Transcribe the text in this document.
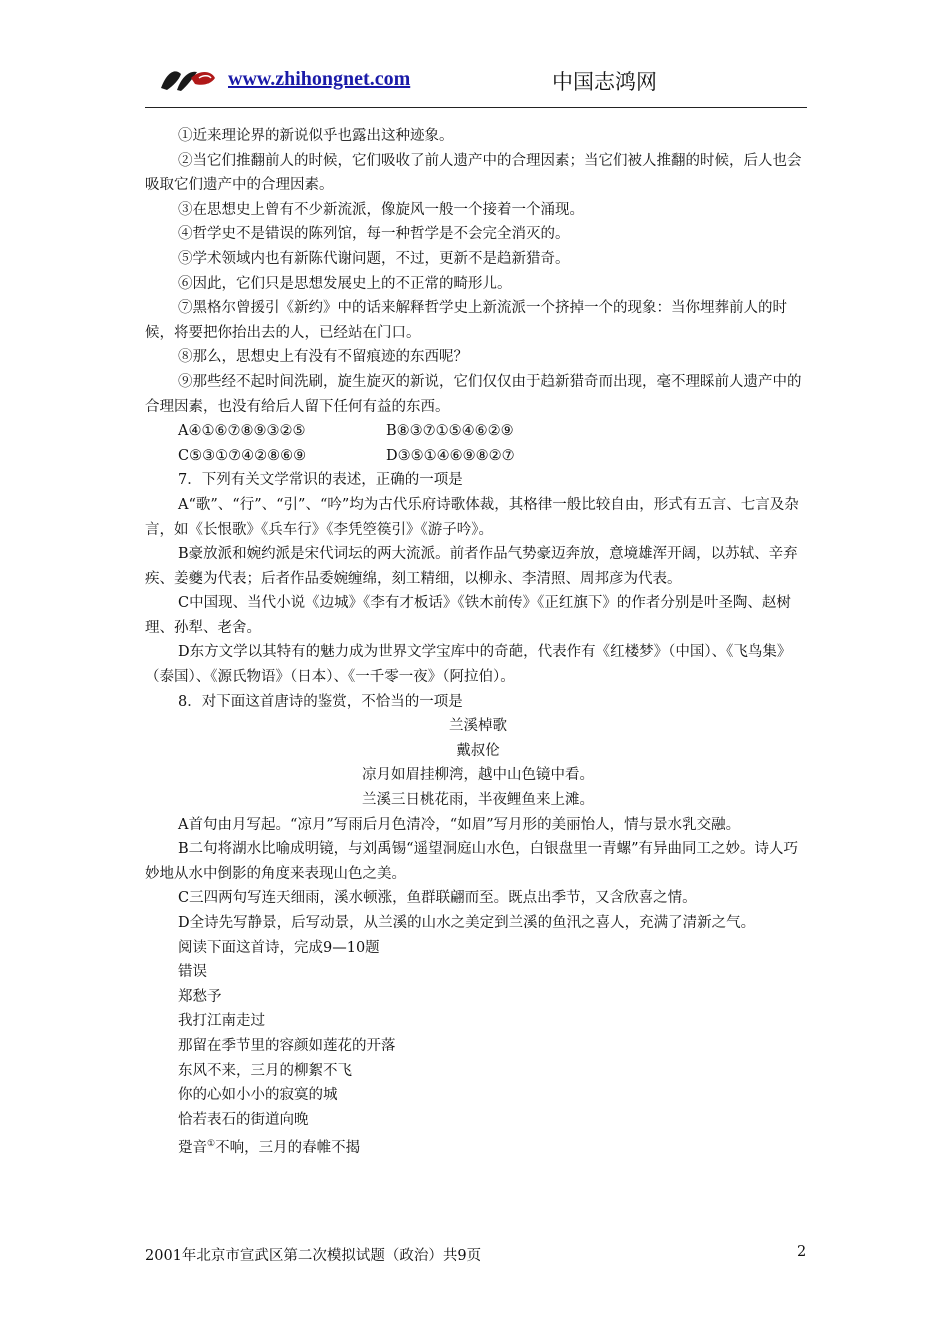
www.zhihongnet.com	中国志鸿网

①近来理论界的新说似乎也露出这种迹象。

②当它们推翻前人的时候，它们吸收了前人遗产中的合理因素；当它们被人推翻的时候，后人也会吸取它们遗产中的合理因素。

③在思想史上曾有不少新流派，像旋风一般一个接着一个涌现。

④哲学史不是错误的陈列馆，每一种哲学是不会完全消灭的。

⑤学术领域内也有新陈代谢问题，不过，更新不是趋新猎奇。

⑥因此，它们只是思想发展史上的不正常的畸形儿。

⑦黑格尔曾援引《新约》中的话来解释哲学史上新流派一个挤掉一个的现象：当你埋葬前人的时候，将要把你抬出去的人，已经站在门口。

⑧那么，思想史上有没有不留痕迹的东西呢？

⑨那些经不起时间洗刷，旋生旋灭的新说，它们仅仅由于趋新猎奇而出现，毫不理睬前人遗产中的合理因素，也没有给后人留下任何有益的东西。

A④①⑥⑦⑧⑨③②⑤	B⑧③⑦①⑤④⑥②⑨

C⑤③①⑦④②⑧⑥⑨	D③⑤①④⑥⑨⑧②⑦

7．下列有关文学常识的表述，正确的一项是

A“歌”、“行”、“引”、“吟”均为古代乐府诗歌体裁，其格律一般比较自由，形式有五言、七言及杂言，如《长恨歌》《兵车行》《李凭箜篌引》《游子吟》。

B豪放派和婉约派是宋代词坛的两大流派。前者作品气势豪迈奔放，意境雄浑开阔，以苏轼、辛弃疾、姜夔为代表；后者作品委婉缠绵，刻工精细，以柳永、李清照、周邦彦为代表。

C中国现、当代小说《边城》《李有才板话》《铁木前传》《正红旗下》的作者分别是叶圣陶、赵树理、孙犁、老舍。

D东方文学以其特有的魅力成为世界文学宝库中的奇葩，代表作有《红楼梦》（中国）、《飞鸟集》（泰国）、《源氏物语》（日本）、《一千零一夜》（阿拉伯）。

8．对下面这首唐诗的鉴赏，不恰当的一项是

兰溪棹歌

戴叔伦

凉月如眉挂柳湾，越中山色镜中看。

兰溪三日桃花雨，半夜鲤鱼来上滩。

A首句由月写起。“凉月”写雨后月色清冷，“如眉”写月形的美丽怡人，情与景水乳交融。

B二句将湖水比喻成明镜，与刘禹锡“遥望洞庭山水色，白银盘里一青螺”有异曲同工之妙。诗人巧妙地从水中倒影的角度来表现山色之美。

C三四两句写连天细雨，溪水顿涨，鱼群联翩而至。既点出季节，又含欣喜之情。

D全诗先写静景，后写动景，从兰溪的山水之美定到兰溪的鱼汛之喜人，充满了清新之气。

阅读下面这首诗，完成9—10题

错误

郑愁予

我打江南走过

那留在季节里的容颜如莲花的开落

东风不来，三月的柳絮不飞

你的心如小小的寂寞的城

恰若表石的街道向晚

跫音①不响，三月的春帷不揭

2001年北京市宣武区第二次模拟试题（政治）共9页	2
